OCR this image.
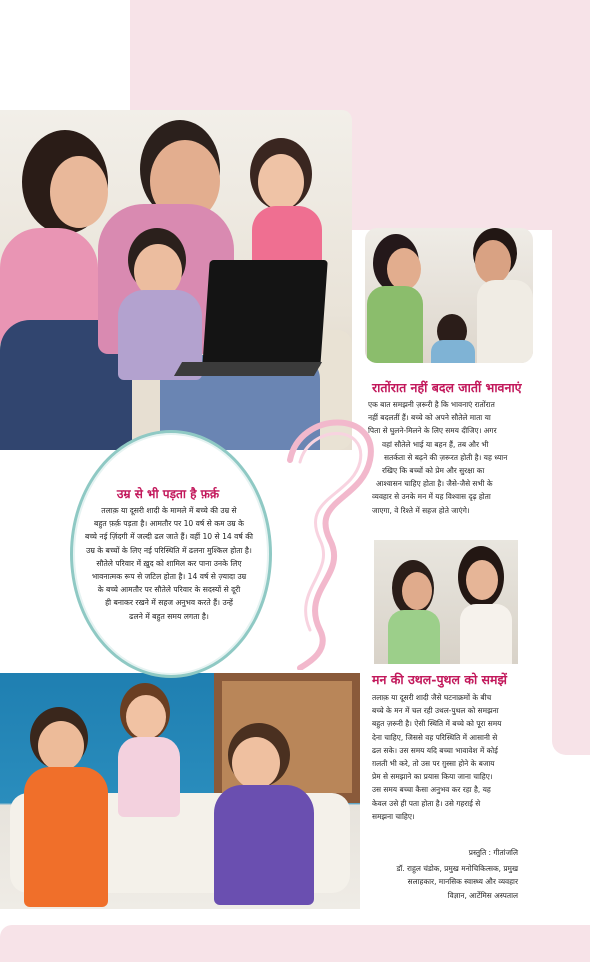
उम्र से भी पड़ता है फ़र्क़
तलाक़ या दूसरी शादी के मामले में बच्चे की उम्र से
बहुत फ़र्क़ पड़ता है। आमतौर पर 10 वर्ष से कम उम्र के
बच्चे नई ज़िंदगी में जल्दी ढल जाते हैं। वहीं 10 से 14 वर्ष की
उम्र के बच्चों के लिए नई परिस्थिति में ढलना मुश्किल होता है।
सौतेले परिवार में ख़ुद को शामिल कर पाना उनके लिए
भावनात्मक रूप से जटिल होता है। 14 वर्ष से ज़्यादा उम्र
के बच्चे आमतौर पर सौतेले परिवार के सदस्यों से दूरी
ही बनाकर रखने में सहज अनुभव करते हैं। उन्हें
ढलने में बहुत समय लगता है।
रातोंरात नहीं बदल जातीं भावनाएं
एक बात समझनी ज़रूरी है कि भावनाएं रातोंरात
नहीं बदलतीं हैं। बच्चे को अपने सौतेले माता या
पिता से घुलने-मिलने के लिए समय दीजिए। अगर
वहां सौतेले भाई या बहन हैं, तब और भी
सतर्कता से बढ़ने की ज़रूरत होती है। यह ध्यान
रखिए कि बच्चों को प्रेम और सुरक्षा का
आश्वासन चाहिए होता है। जैसे-जैसे सभी के
व्यवहार से उनके मन में यह विश्वास दृढ़ होता
जाएगा, वे रिश्ते में सहज होते जाएंगे।
मन की उथल-पुथल को समझें
तलाक़ या दूसरी शादी जैसे घटनाक्रमों के बीच
बच्चे के मन में चल रही उथल-पुथल को समझना
बहुत ज़रूरी है। ऐसी स्थिति में बच्चे को पूरा समय
देना चाहिए, जिससे वह परिस्थिति में आसानी से
ढल सके। उस समय यदि बच्चा भावावेश में कोई
ग़लती भी करे, तो उस पर ग़ुस्सा होने के बजाय
प्रेम से समझाने का प्रयास किया जाना चाहिए।
उस समय बच्चा कैसा अनुभव कर रहा है, यह
केवल उसे ही पता होता है। उसे गहराई से
समझना चाहिए।
प्रस्तुति : गीतांजलि
डॉ. राहुल चंडोक, प्रमुख मनोचिकित्सक, प्रमुख
सलाहकार, मानसिक स्वास्थ्य और व्यवहार
विज्ञान, आर्टेमिस अस्पताल
